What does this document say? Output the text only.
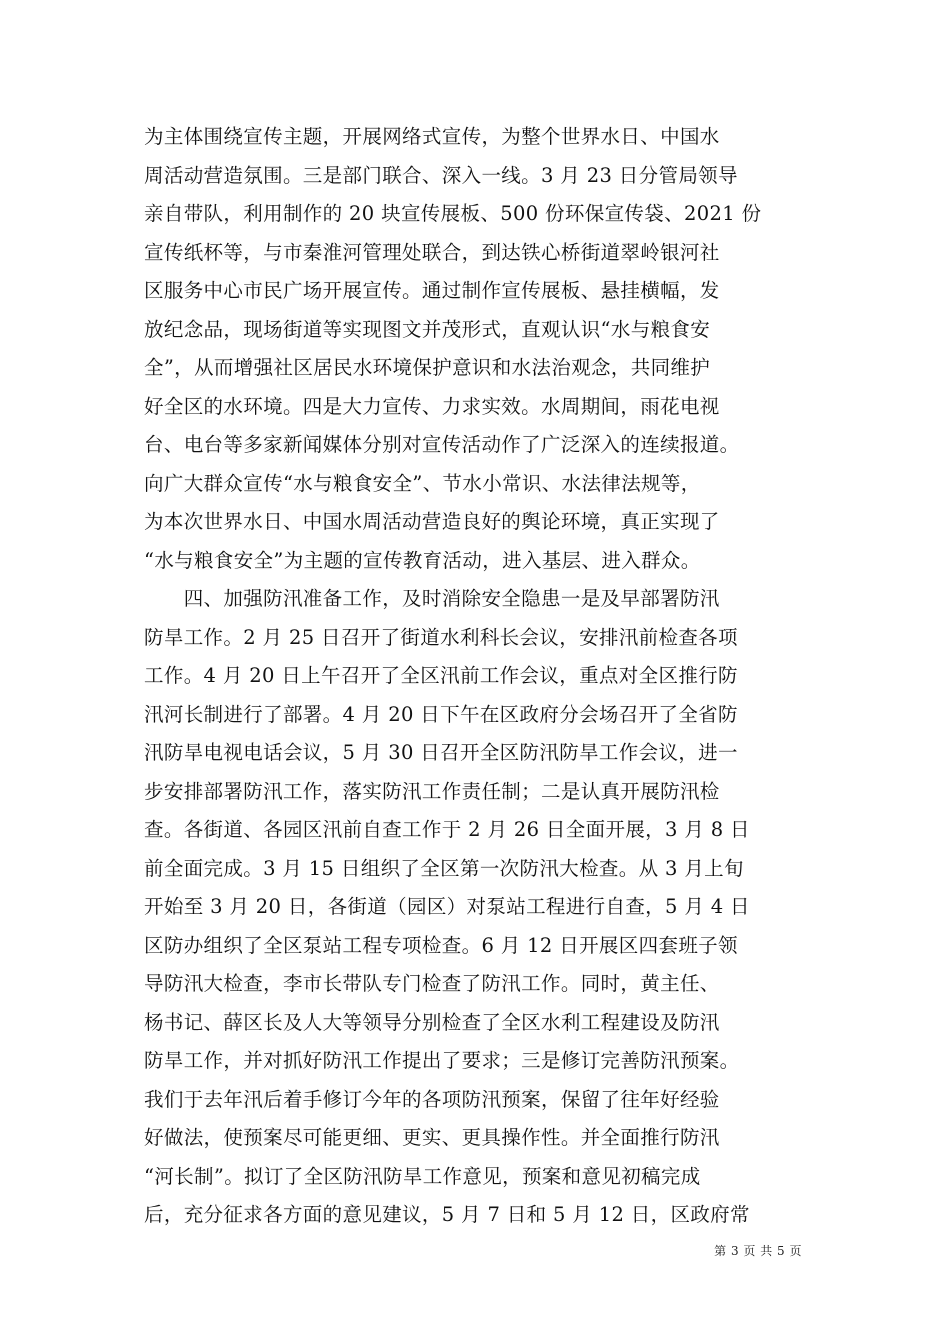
为主体围绕宣传主题，开展网络式宣传，为整个世界水日、中国水
周活动营造氛围。三是部门联合、深入一线。3 月 23 日分管局领导
亲自带队，利用制作的 20 块宣传展板、500 份环保宣传袋、2021 份
宣传纸杯等，与市秦淮河管理处联合，到达铁心桥街道翠岭银河社
区服务中心市民广场开展宣传。通过制作宣传展板、悬挂横幅，发
放纪念品，现场街道等实现图文并茂形式，直观认识“水与粮食安
全”，从而增强社区居民水环境保护意识和水法治观念，共同维护
好全区的水环境。四是大力宣传、力求实效。水周期间，雨花电视
台、电台等多家新闻媒体分别对宣传活动作了广泛深入的连续报道。
向广大群众宣传“水与粮食安全”、节水小常识、水法律法规等，
为本次世界水日、中国水周活动营造良好的舆论环境，真正实现了
“水与粮食安全”为主题的宣传教育活动，进入基层、进入群众。
　　四、加强防汛准备工作，及时消除安全隐患一是及早部署防汛
防旱工作。2 月 25 日召开了街道水利科长会议，安排汛前检查各项
工作。4 月 20 日上午召开了全区汛前工作会议，重点对全区推行防
汛河长制进行了部署。4 月 20 日下午在区政府分会场召开了全省防
汛防旱电视电话会议，5 月 30 日召开全区防汛防旱工作会议，进一
步安排部署防汛工作，落实防汛工作责任制；二是认真开展防汛检
查。各街道、各园区汛前自查工作于 2 月 26 日全面开展，3 月 8 日
前全面完成。3 月 15 日组织了全区第一次防汛大检查。从 3 月上旬
开始至 3 月 20 日，各街道（园区）对泵站工程进行自查，5 月 4 日
区防办组织了全区泵站工程专项检查。6 月 12 日开展区四套班子领
导防汛大检查，李市长带队专门检查了防汛工作。同时，黄主任、
杨书记、薛区长及人大等领导分别检查了全区水利工程建设及防汛
防旱工作，并对抓好防汛工作提出了要求；三是修订完善防汛预案。
我们于去年汛后着手修订今年的各项防汛预案，保留了往年好经验
好做法，使预案尽可能更细、更实、更具操作性。并全面推行防汛
“河长制”。拟订了全区防汛防旱工作意见，预案和意见初稿完成
后，充分征求各方面的意见建议，5 月 7 日和 5 月 12 日，区政府常
第 3 页 共 5 页
